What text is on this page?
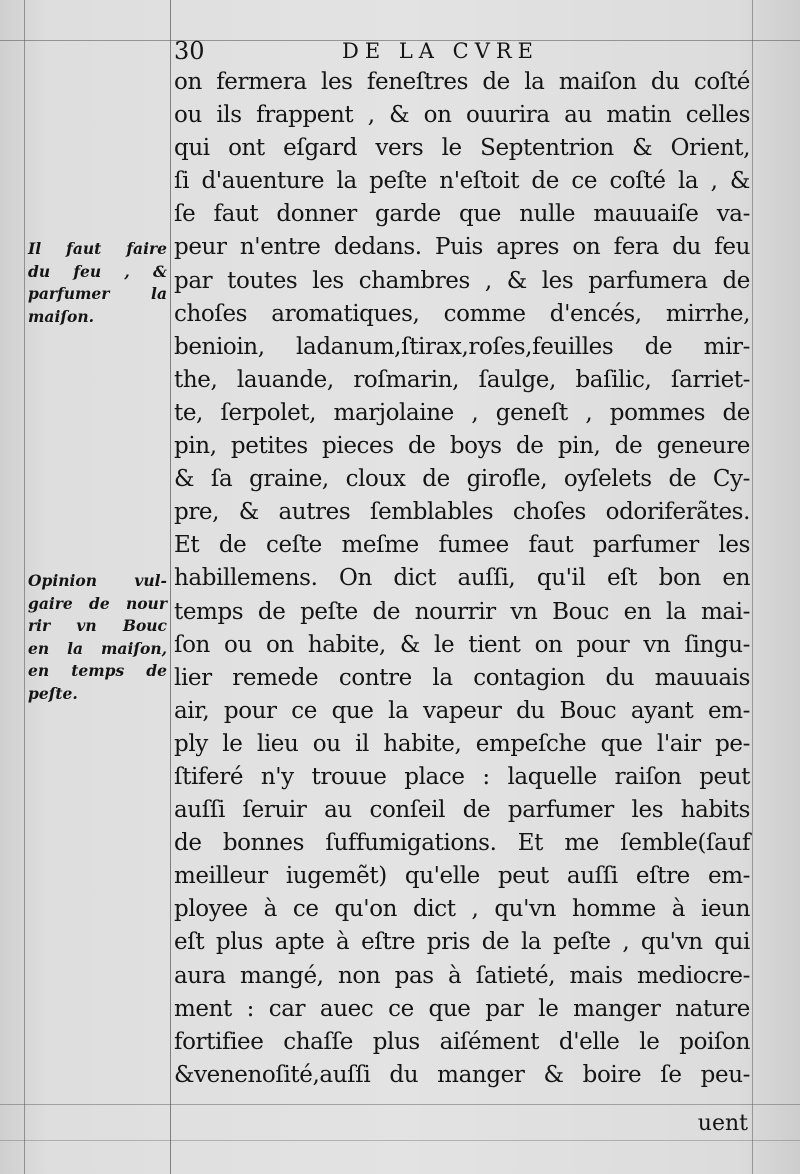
30	DE LA CVRE
Il faut faire
du feu , &
parfumer la
maiſon.
Opinion vul-
gaire de nour
rir vn Bouc
en la maiſon,
en temps de
peſte.
on fermera les feneſtres de la maiſon du coſté
ou ils frappent , & on ouurira au matin celles
qui ont eſgard vers le Septentrion & Orient,
ſi d'auenture la peſte n'eſtoit de ce coſté la , &
ſe faut donner garde que nulle mauuaiſe va-
peur n'entre dedans. Puis apres on fera du feu
par toutes les chambres , & les parfumera de
choſes aromatiques, comme d'encés, mirrhe,
benioin, ladanum,ſtirax,roſes,feuilles de mir-
the, lauande, roſmarin, ſaulge, baſilic, ſarriet-
te, ſerpolet, marjolaine , geneſt , pommes de
pin, petites pieces de boys de pin, de geneure
& ſa graine, cloux de girofle, oyſelets de Cy-
pre, & autres ſemblables choſes odoriferãtes.
Et de ceſte meſme fumee faut parfumer les
habillemens. On dict auſſi, qu'il eſt bon en
temps de peſte de nourrir vn Bouc en la mai-
ſon ou on habite, & le tient on pour vn ſingu-
lier remede contre la contagion du mauuais
air, pour ce que la vapeur du Bouc ayant em-
ply le lieu ou il habite, empeſche que l'air pe-
ſtiferé n'y trouue place : laquelle raiſon peut
auſſi ſeruir au conſeil de parfumer les habits
de bonnes ſuffumigations. Et me ſemble(ſauf
meilleur iugemẽt) qu'elle peut auſſi eſtre em-
ployee à ce qu'on dict , qu'vn homme à ieun
eſt plus apte à eſtre pris de la peſte , qu'vn qui
aura mangé, non pas à ſatieté, mais mediocre-
ment : car auec ce que par le manger nature
fortifiee chaſſe plus aiſément d'elle le poiſon
&venenoſité,auſſi du manger & boire ſe peu-
uent
